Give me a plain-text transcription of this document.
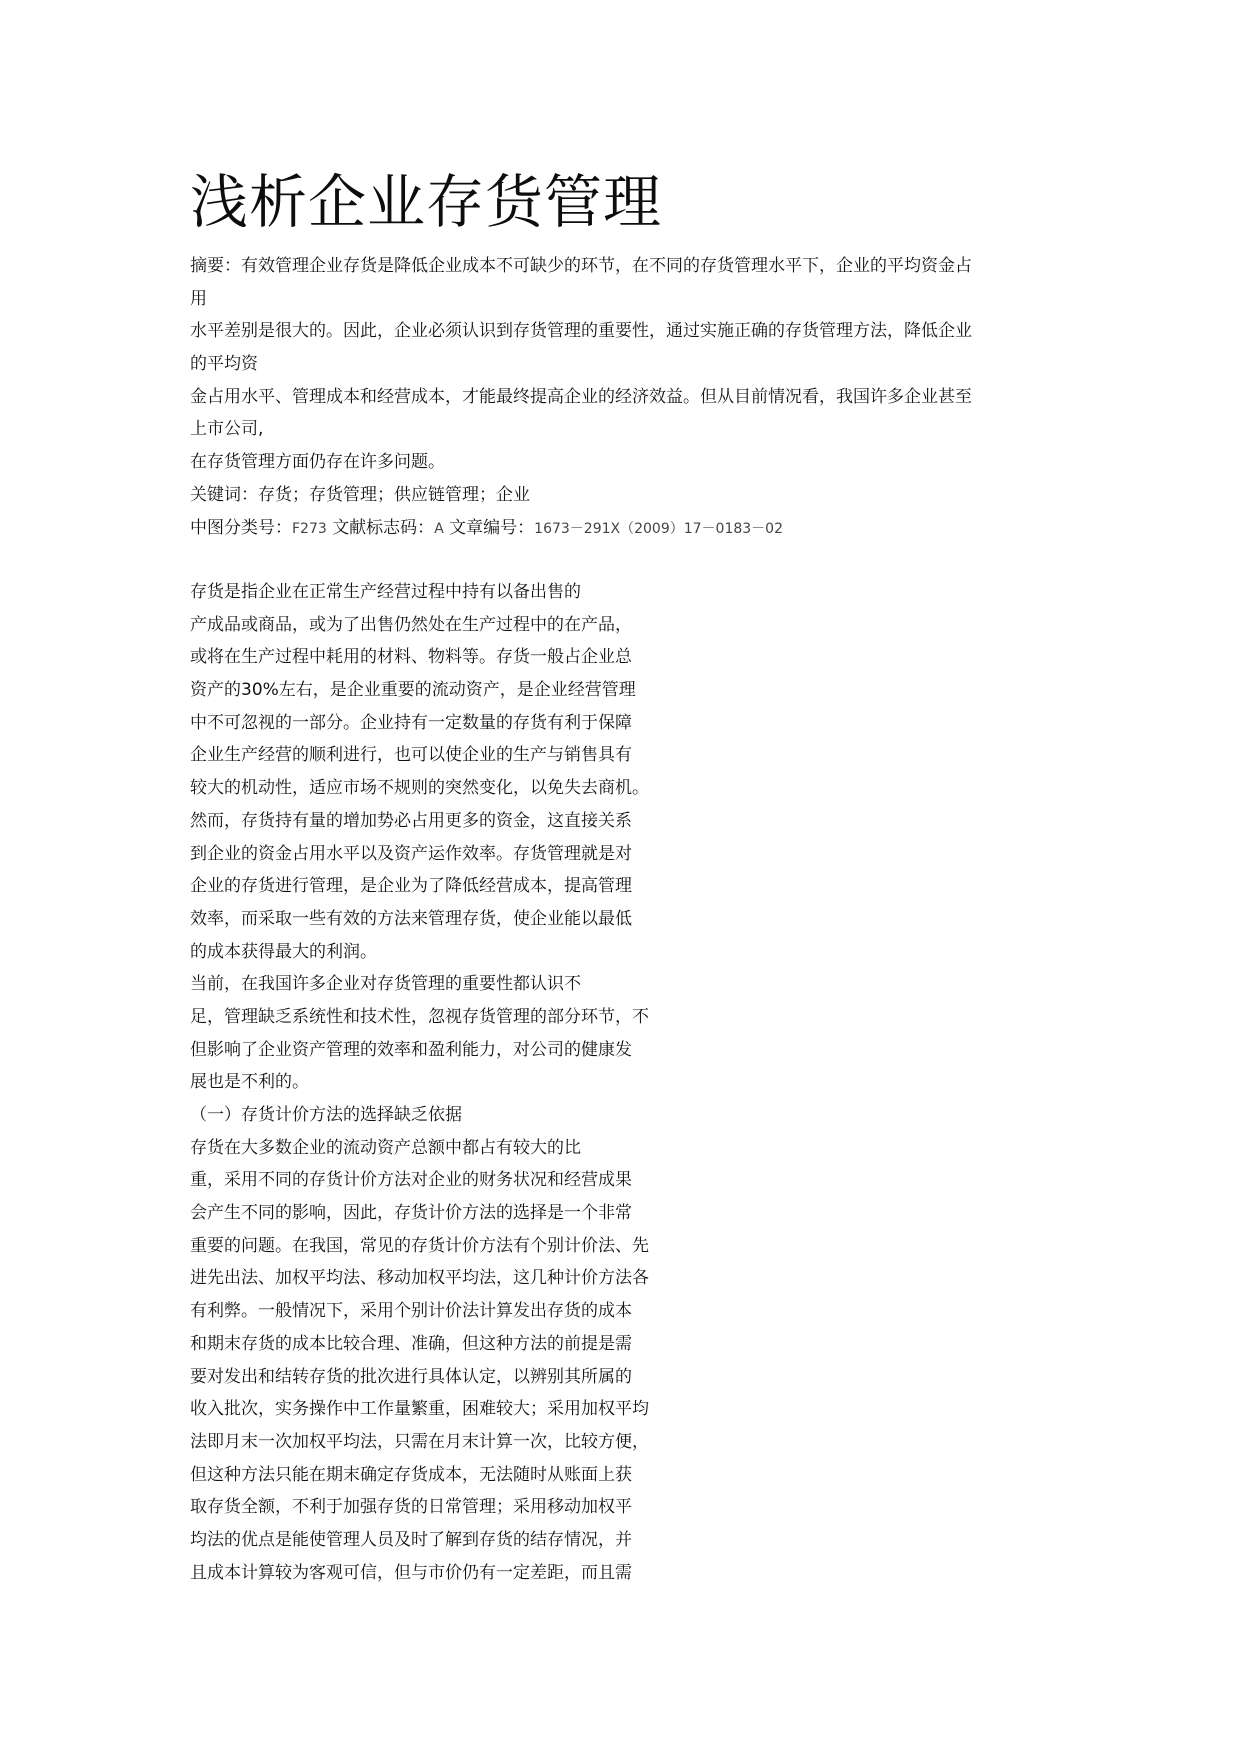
浅析企业存货管理
摘要：有效管理企业存货是降低企业成本不可缺少的环节，在不同的存货管理水平下，企业的平均资金占
用
水平差别是很大的。因此，企业必须认识到存货管理的重要性，通过实施正确的存货管理方法，降低企业
的平均资
金占用水平、管理成本和经营成本，才能最终提高企业的经济效益。但从目前情况看，我国许多企业甚至
上市公司,
在存货管理方面仍存在许多问题。
关键词：存货；存货管理；供应链管理；企业
中图分类号：F273 文献标志码：A 文章编号：1673－291X（2009）17－0183－02
存货是指企业在正常生产经营过程中持有以备出售的
产成品或商品，或为了出售仍然处在生产过程中的在产品，
或将在生产过程中耗用的材料、物料等。存货一般占企业总
资产的30%左右，是企业重要的流动资产，是企业经营管理
中不可忽视的一部分。企业持有一定数量的存货有利于保障
企业生产经营的顺利进行，也可以使企业的生产与销售具有
较大的机动性，适应市场不规则的突然变化，以免失去商机。
然而，存货持有量的增加势必占用更多的资金，这直接关系
到企业的资金占用水平以及资产运作效率。存货管理就是对
企业的存货进行管理，是企业为了降低经营成本，提高管理
效率，而采取一些有效的方法来管理存货，使企业能以最低
的成本获得最大的利润。
当前，在我国许多企业对存货管理的重要性都认识不
足，管理缺乏系统性和技术性，忽视存货管理的部分环节，不
但影响了企业资产管理的效率和盈利能力，对公司的健康发
展也是不利的。
（一）存货计价方法的选择缺乏依据
存货在大多数企业的流动资产总额中都占有较大的比
重，采用不同的存货计价方法对企业的财务状况和经营成果
会产生不同的影响，因此，存货计价方法的选择是一个非常
重要的问题。在我国，常见的存货计价方法有个别计价法、先
进先出法、加权平均法、移动加权平均法，这几种计价方法各
有利弊。一般情况下，采用个别计价法计算发出存货的成本
和期末存货的成本比较合理、准确，但这种方法的前提是需
要对发出和结转存货的批次进行具体认定，以辨别其所属的
收入批次，实务操作中工作量繁重，困难较大；采用加权平均
法即月末一次加权平均法，只需在月末计算一次，比较方便，
但这种方法只能在期末确定存货成本，无法随时从账面上获
取存货全额，不利于加强存货的日常管理；采用移动加权平
均法的优点是能使管理人员及时了解到存货的结存情况，并
且成本计算较为客观可信，但与市价仍有一定差距，而且需
